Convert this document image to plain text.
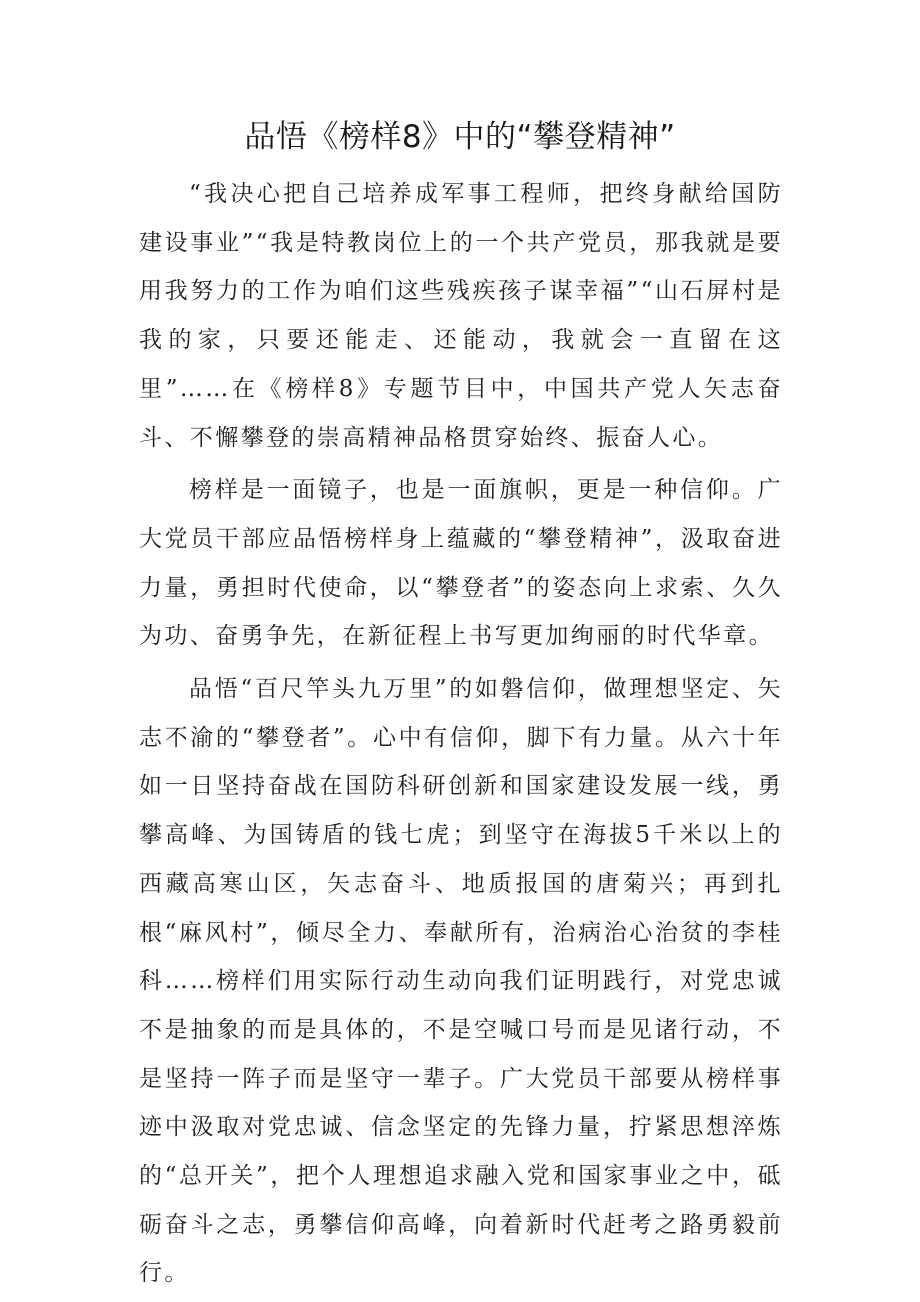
品悟《榜样8》中的“攀登精神”

“我决心把自己培养成军事工程师，把终身献给国防建设事业”“我是特教岗位上的一个共产党员，那我就是要用我努力的工作为咱们这些残疾孩子谋幸福”“山石屏村是我的家，只要还能走、还能动，我就会一直留在这里”……在《榜样8》专题节目中，中国共产党人矢志奋斗、不懈攀登的崇高精神品格贯穿始终、振奋人心。

榜样是一面镜子，也是一面旗帜，更是一种信仰。广大党员干部应品悟榜样身上蕴藏的“攀登精神”，汲取奋进力量，勇担时代使命，以“攀登者”的姿态向上求索、久久为功、奋勇争先，在新征程上书写更加绚丽的时代华章。

品悟“百尺竿头九万里”的如磐信仰，做理想坚定、矢志不渝的“攀登者”。心中有信仰，脚下有力量。从六十年如一日坚持奋战在国防科研创新和国家建设发展一线，勇攀高峰、为国铸盾的钱七虎；到坚守在海拔5千米以上的西藏高寒山区，矢志奋斗、地质报国的唐菊兴；再到扎根“麻风村”，倾尽全力、奉献所有，治病治心治贫的李桂科……榜样们用实际行动生动向我们证明践行，对党忠诚不是抽象的而是具体的，不是空喊口号而是见诸行动，不是坚持一阵子而是坚守一辈子。广大党员干部要从榜样事迹中汲取对党忠诚、信念坚定的先锋力量，拧紧思想淬炼的“总开关”，把个人理想追求融入党和国家事业之中，砥砺奋斗之志，勇攀信仰高峰，向着新时代赶考之路勇毅前行。
